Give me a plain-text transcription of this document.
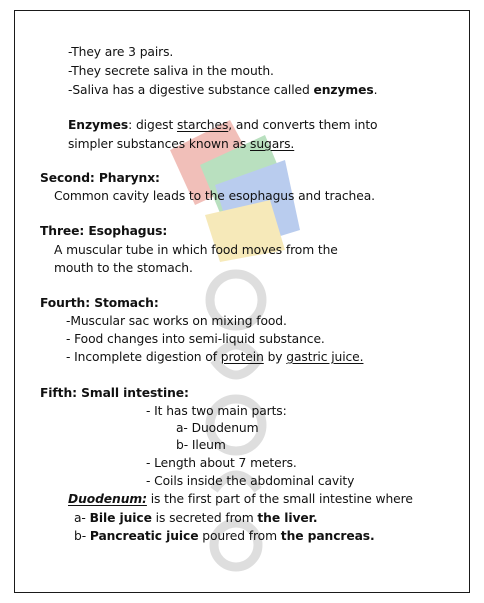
-They are 3 pairs.
-They secrete saliva in the mouth.
-Saliva has a digestive substance called enzymes.
Enzymes: digest starches, and converts them into
simpler substances known as sugars.
Second: Pharynx:
Common cavity leads to the esophagus and trachea.
Three: Esophagus:
A muscular tube in which food moves from the
mouth to the stomach.
Fourth: Stomach:
-Muscular sac works on mixing food.
- Food changes into semi-liquid substance.
- Incomplete digestion of protein by gastric juice.
Fifth: Small intestine:
- It has two main parts:
a- Duodenum
b- Ileum
- Length about 7 meters.
- Coils inside the abdominal cavity
Duodenum: is the first part of the small intestine where
a- Bile juice is secreted from the liver.
b- Pancreatic juice poured from the pancreas.
